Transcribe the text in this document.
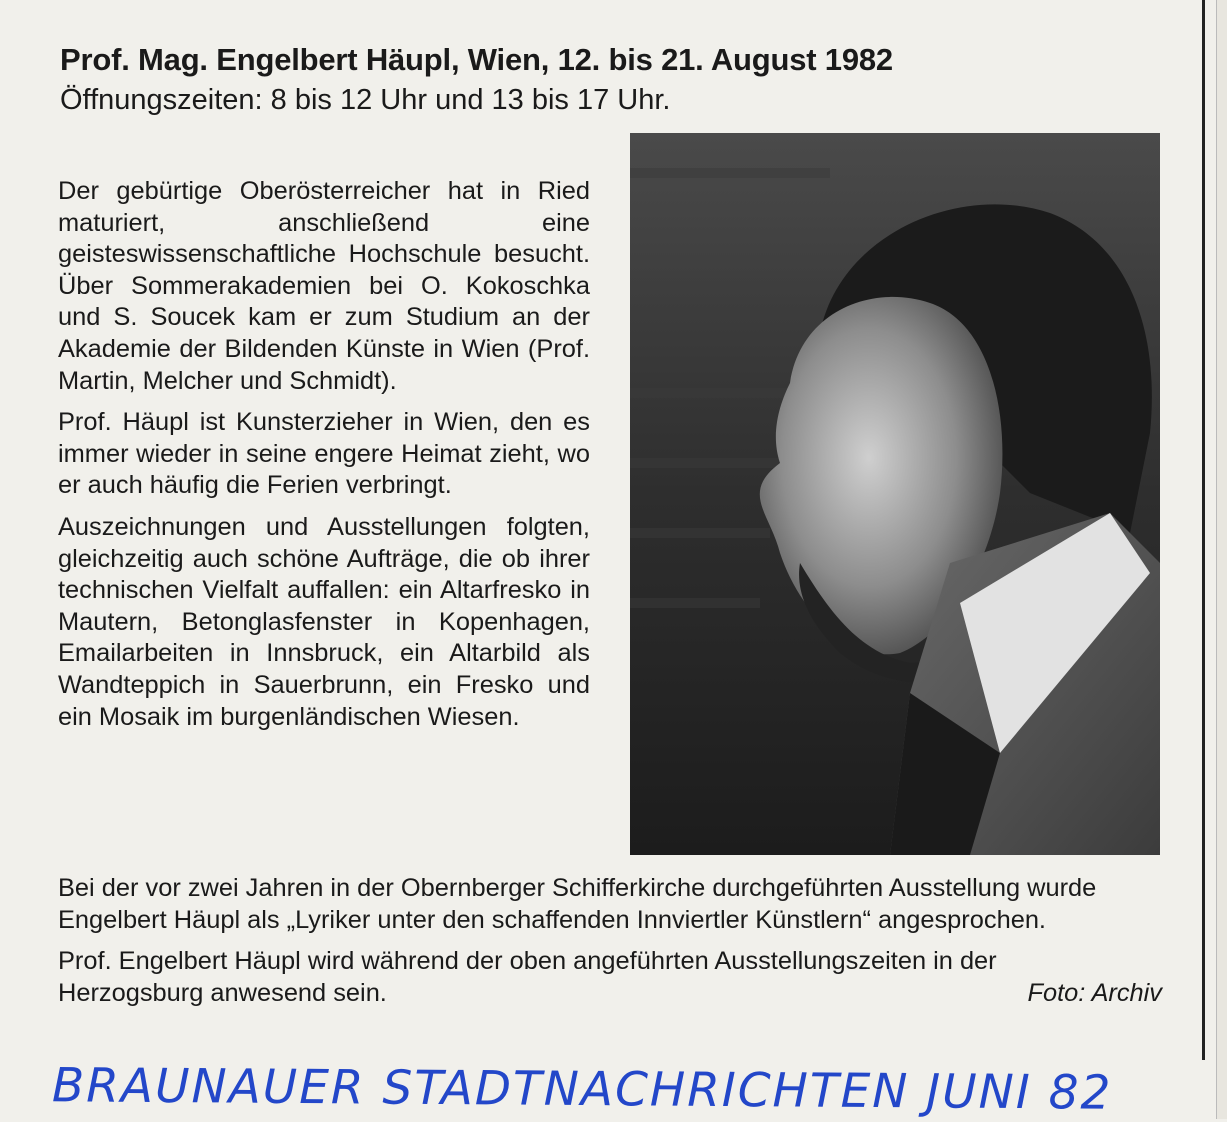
Prof. Mag. Engelbert Häupl, Wien, 12. bis 21. August 1982
Öffnungszeiten: 8 bis 12 Uhr und 13 bis 17 Uhr.

Der gebürtige Oberösterreicher hat in Ried maturiert, anschließend eine geisteswissenschaftliche Hochschule besucht. Über Sommerakademien bei O. Kokoschka und S. Soucek kam er zum Studium an der Akademie der Bildenden Künste in Wien (Prof. Martin, Melcher und Schmidt).

Prof. Häupl ist Kunsterzieher in Wien, den es immer wieder in seine engere Heimat zieht, wo er auch häufig die Ferien verbringt.

Auszeichnungen und Ausstellungen folgten, gleichzeitig auch schöne Aufträge, die ob ihrer technischen Vielfalt auffallen: ein Altarfresko in Mautern, Betonglasfenster in Kopenhagen, Emailarbeiten in Innsbruck, ein Altarbild als Wandteppich in Sauerbrunn, ein Fresko und ein Mosaik im burgenländischen Wiesen.

Bei der vor zwei Jahren in der Obernberger Schifferkirche durchgeführten Ausstellung wurde Engelbert Häupl als „Lyriker unter den schaffenden Innviertler Künstlern“ angesprochen.

Prof. Engelbert Häupl wird während der oben angeführten Ausstellungszeiten in der Herzogsburg anwesend sein.	Foto: Archiv
BRAUNAUER STADTNACHRICHTEN JUNI 82
